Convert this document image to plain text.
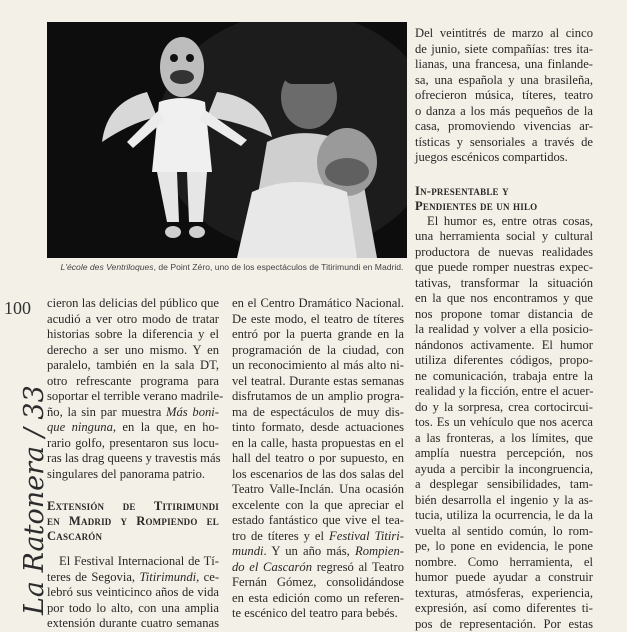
L'école des Ventriloques, de Point Zéro, uno de los espectáculos de Titirimundi en Madrid.
100
La Ratonera / 33
cieron las delicias del público que
acudió a ver otro modo de tratar
historias sobre la diferencia y el
derecho a ser uno mismo. Y en
paralelo, también en la sala DT,
otro refrescante programa para
soportar el terrible verano madrile-
ño, la sin par muestra Más boni-
que ninguna, en la que, en ho-
rario golfo, presentaron sus locu-
ras las drag queens y travestis más
singulares del panorama patrio.
Extensión de Titirimundi
en Madrid y Rompiendo el
Cascarón
El Festival Internacional de Tí-
teres de Segovia, Titirimundi, ce-
lebró sus veinticinco años de vida
por todo lo alto, con una amplia
extensión durante cuatro semanas
en el Centro Dramático Nacional.
De este modo, el teatro de títeres
entró por la puerta grande en la
programación de la ciudad, con
un reconocimiento al más alto ni-
vel teatral. Durante estas semanas
disfrutamos de un amplio progra-
ma de espectáculos de muy dis-
tinto formato, desde actuaciones
en la calle, hasta propuestas en el
hall del teatro o por supuesto, en
los escenarios de las dos salas del
Teatro Valle-Inclán. Una ocasión
excelente con la que apreciar el
estado fantástico que vive el tea-
tro de títeres y el Festival Titiri-
mundi. Y un año más, Rompien-
do el Cascarón regresó al Teatro
Fernán Gómez, consolidándose
en esta edición como un referen-
te escénico del teatro para bebés.
Del veintitrés de marzo al cinco
de junio, siete compañías: tres ita-
lianas, una francesa, una finlande-
sa, una española y una brasileña,
ofrecieron música, títeres, teatro
o danza a los más pequeños de la
casa, promoviendo vivencias ar-
tísticas y sensoriales a través de
juegos escénicos compartidos.
In-presentable y
Pendientes de un hilo
El humor es, entre otras cosas,
una herramienta social y cultural
productora de nuevas realidades
que puede romper nuestras expec-
tativas, transformar la situación
en la que nos encontramos y que
nos propone tomar distancia de
la realidad y volver a ella posicio-
nándonos activamente. El humor
utiliza diferentes códigos, propo-
ne comunicación, trabaja entre la
realidad y la ficción, entre el acuer-
do y la sorpresa, crea cortocircui-
tos. Es un vehículo que nos acerca
a las fronteras, a los límites, que
amplía nuestra percepción, nos
ayuda a percibir la incongruencia,
a desplegar sensibilidades, tam-
bién desarrolla el ingenio y la as-
tucia, utiliza la ocurrencia, le da la
vuelta al sentido común, lo rom-
pe, lo pone en evidencia, le pone
nombre. Como herramienta, el
humor puede ayudar a construir
texturas, atmósferas, experiencia,
expresión, así como diferentes ti-
pos de representación. Por estas
